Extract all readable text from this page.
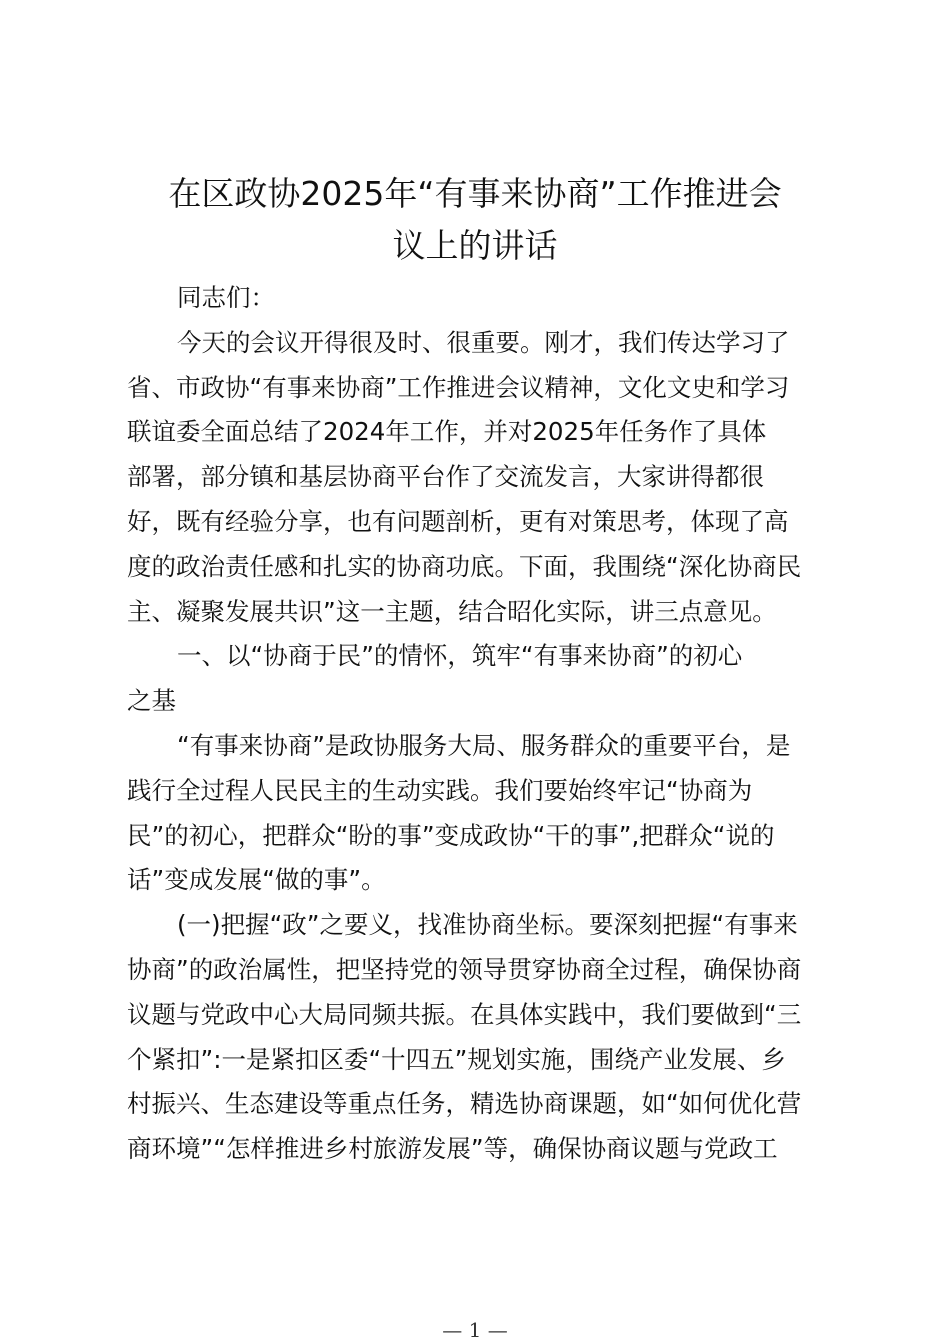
在区政协2025年“有事来协商”工作推进会
议上的讲话
同志们：
今天的会议开得很及时、很重要。刚才，我们传达学习了
省、市政协“有事来协商”工作推进会议精神，文化文史和学习
联谊委全面总结了2024年工作，并对2025年任务作了具体
部署，部分镇和基层协商平台作了交流发言，大家讲得都很
好，既有经验分享，也有问题剖析，更有对策思考，体现了高
度的政治责任感和扎实的协商功底。下面，我围绕“深化协商民
主、凝聚发展共识”这一主题，结合昭化实际，讲三点意见。
一、以“协商于民”的情怀，筑牢“有事来协商”的初心
之基
“有事来协商”是政协服务大局、服务群众的重要平台，是
践行全过程人民民主的生动实践。我们要始终牢记“协商为
民”的初心，把群众“盼的事”变成政协“干的事”,把群众“说的
话”变成发展“做的事”。
(一)把握“政”之要义，找准协商坐标。要深刻把握“有事来
协商”的政治属性，把坚持党的领导贯穿协商全过程，确保协商
议题与党政中心大局同频共振。在具体实践中，我们要做到“三
个紧扣”:一是紧扣区委“十四五”规划实施，围绕产业发展、乡
村振兴、生态建设等重点任务，精选协商课题，如“如何优化营
商环境”“怎样推进乡村旅游发展”等，确保协商议题与党政工
— 1 —
